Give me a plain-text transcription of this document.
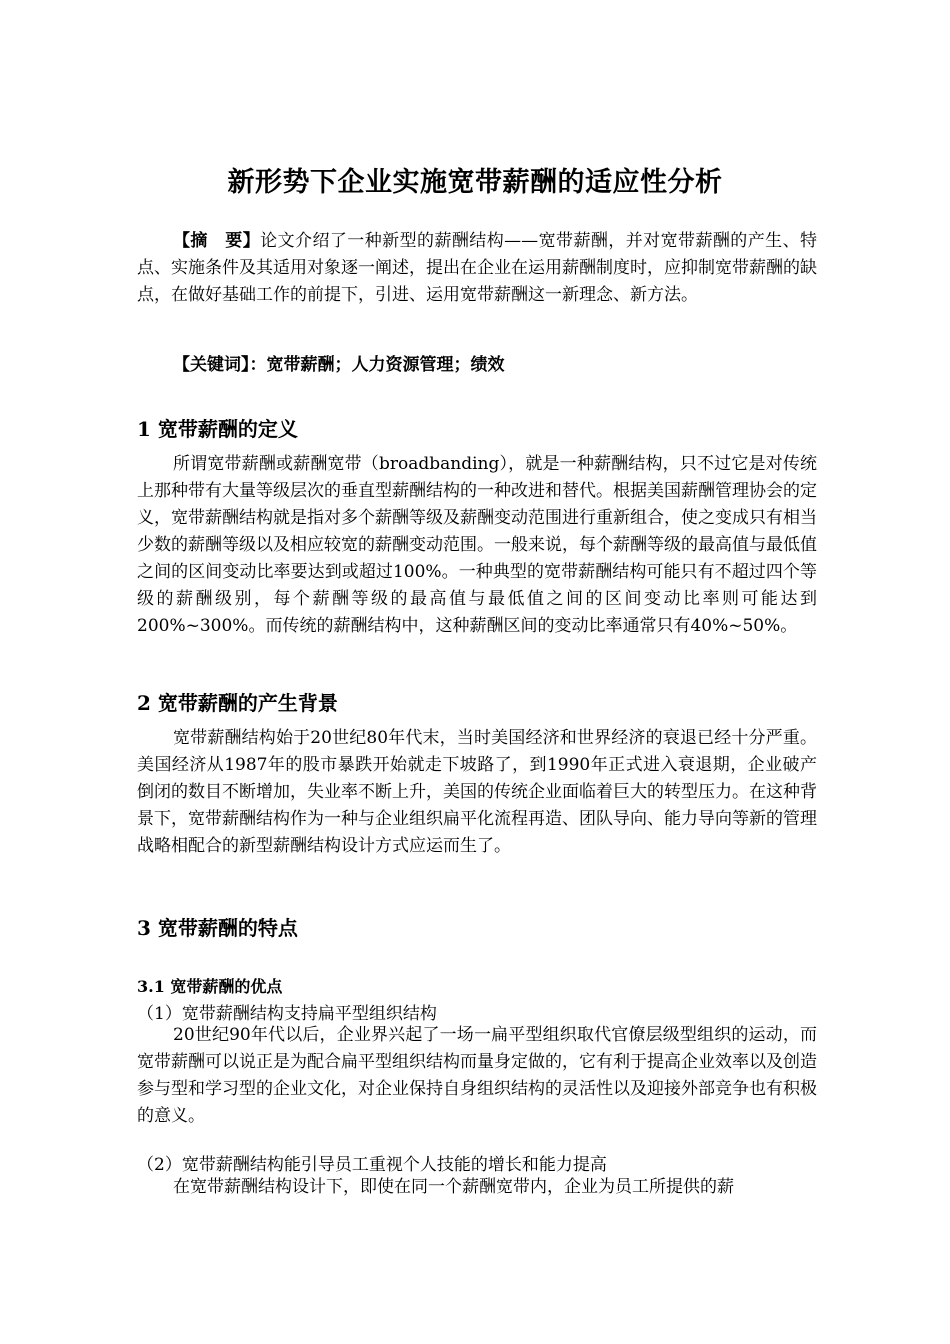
新形势下企业实施宽带薪酬的适应性分析
【摘　要】论文介绍了一种新型的薪酬结构——宽带薪酬，并对宽带薪酬的产生、特点、实施条件及其适用对象逐一阐述，提出在企业在运用薪酬制度时，应抑制宽带薪酬的缺点，在做好基础工作的前提下，引进、运用宽带薪酬这一新理念、新方法。
【关键词】：宽带薪酬；人力资源管理；绩效
1 宽带薪酬的定义
所谓宽带薪酬或薪酬宽带（broadbanding），就是一种薪酬结构，只不过它是对传统上那种带有大量等级层次的垂直型薪酬结构的一种改进和替代。根据美国薪酬管理协会的定义，宽带薪酬结构就是指对多个薪酬等级及薪酬变动范围进行重新组合，使之变成只有相当少数的薪酬等级以及相应较宽的薪酬变动范围。一般来说，每个薪酬等级的最高值与最低值之间的区间变动比率要达到或超过100%。一种典型的宽带薪酬结构可能只有不超过四个等级的薪酬级别，每个薪酬等级的最高值与最低值之间的区间变动比率则可能达到200%~300%。而传统的薪酬结构中，这种薪酬区间的变动比率通常只有40%~50%。
2 宽带薪酬的产生背景
宽带薪酬结构始于20世纪80年代末，当时美国经济和世界经济的衰退已经十分严重。美国经济从1987年的股市暴跌开始就走下坡路了，到1990年正式进入衰退期，企业破产倒闭的数目不断增加，失业率不断上升，美国的传统企业面临着巨大的转型压力。在这种背景下，宽带薪酬结构作为一种与企业组织扁平化流程再造、团队导向、能力导向等新的管理战略相配合的新型薪酬结构设计方式应运而生了。
3 宽带薪酬的特点
3.1 宽带薪酬的优点
（1）宽带薪酬结构支持扁平型组织结构
20世纪90年代以后，企业界兴起了一场一扁平型组织取代官僚层级型组织的运动，而宽带薪酬可以说正是为配合扁平型组织结构而量身定做的，它有利于提高企业效率以及创造参与型和学习型的企业文化，对企业保持自身组织结构的灵活性以及迎接外部竞争也有积极的意义。
（2）宽带薪酬结构能引导员工重视个人技能的增长和能力提高
在宽带薪酬结构设计下，即使在同一个薪酬宽带内，企业为员工所提供的薪
